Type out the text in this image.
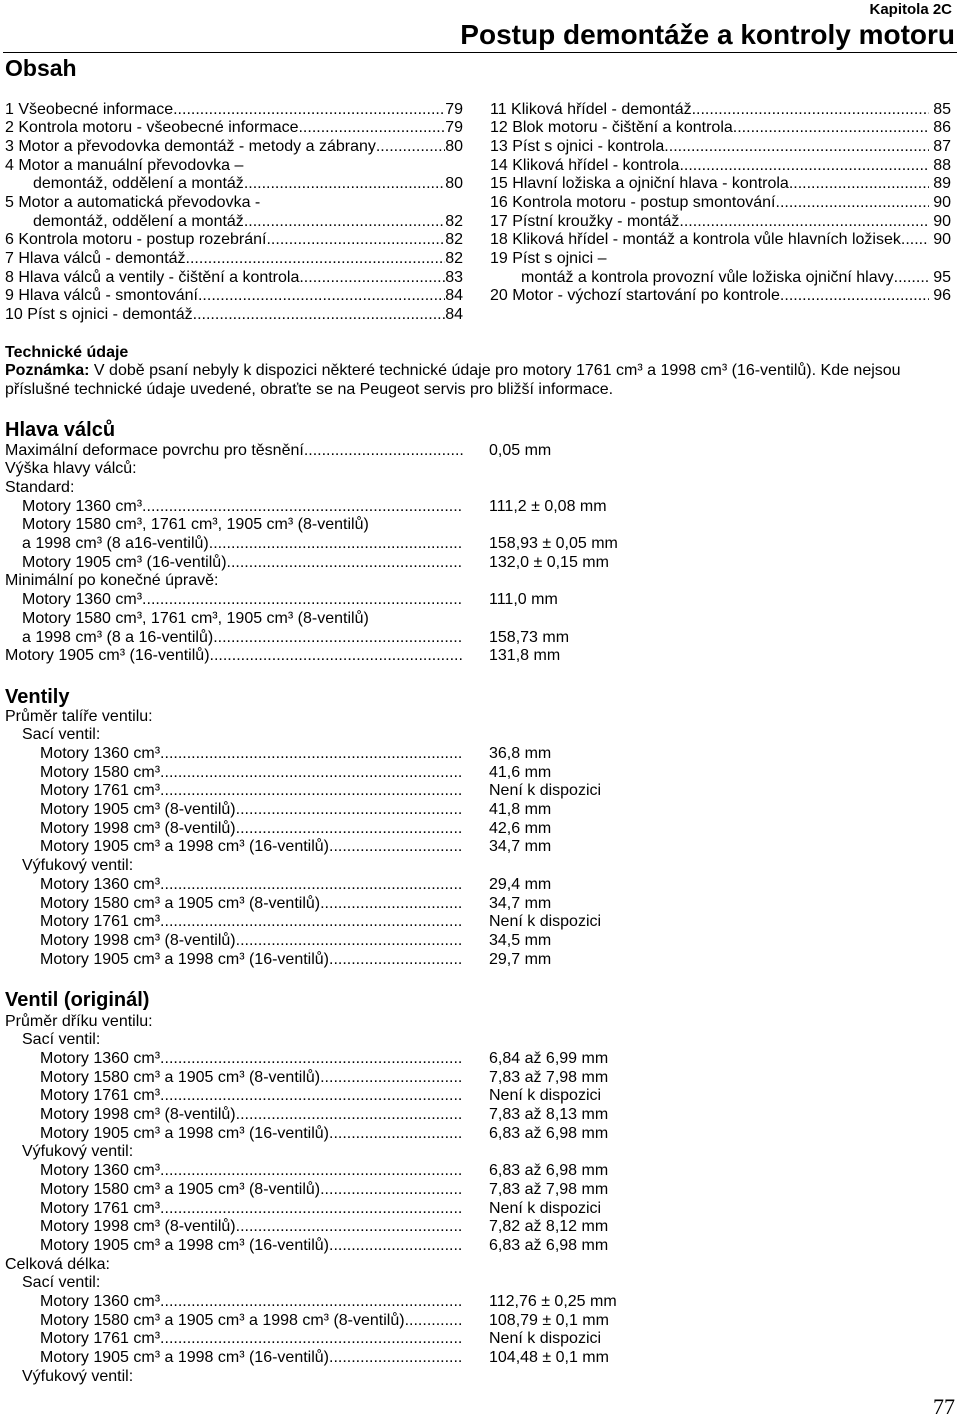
Kapitola 2C
Postup demontáže a kontroly motoru
Obsah
1 Všeobecné informace .....	79
2 Kontrola motoru - všeobecné informace .....	79
3 Motor a převodovka demontáž - metody a zábrany .....	80
4 Motor a manuální převodovka –
demontáž, oddělení a montáž .....	80
5 Motor a automatická převodovka -
demontáž, oddělení a montáž .....	82
6 Kontrola motoru - postup rozebrání .....	82
7 Hlava válců - demontáž .....	82
8 Hlava válců a ventily - čištění a kontrola .....	83
9 Hlava válců - smontování .....	84
10 Píst s ojnici - demontáž .....	84
11 Kliková hřídel - demontáž .....	85
12 Blok motoru - čištění a kontrola .....	86
13 Píst s ojnici - kontrola .....	87
14 Kliková hřídel - kontrola .....	88
15 Hlavní ložiska a ojniční hlava - kontrola .....	89
16 Kontrola motoru - postup smontování .....	90
17 Pístní kroužky - montáž .....	90
18 Kliková hřídel - montáž a kontrola vůle hlavních ložisek ..... 90
19 Píst s ojnici –
montáž a kontrola provozní vůle ložiska ojniční hlavy ..... 95
20 Motor - výchozí startování po kontrole .....	96
Technické údaje
Poznámka: V době psaní nebyly k dispozici některé technické údaje pro motory 1761 cm³ a 1998 cm³ (16-ventilů). Kde nejsou příslušné technické údaje uvedené, obraťte se na Peugeot servis pro bližší informace.
Hlava válců
Maximální deformace povrchu pro těsnění .....	0,05 mm
Výška hlavy válců:
Standard:
Motory 1360 cm³ .....	111,2 ± 0,08 mm
Motory 1580 cm³, 1761 cm³, 1905 cm³ (8-ventilů)
a 1998 cm³ (8 a16-ventilů) .....	158,93 ± 0,05 mm
Motory 1905 cm³ (16-ventilů) .....	132,0 ± 0,15 mm
Minimální po konečné úpravě:
Motory 1360 cm³ .....	111,0 mm
Motory 1580 cm³, 1761 cm³, 1905 cm³ (8-ventilů)
a 1998 cm³ (8 a 16-ventilů) .....	158,73 mm
Motory 1905 cm³ (16-ventilů) .....	131,8 mm
Ventily
Průměr talíře ventilu:
Sací ventil:
Motory 1360 cm³ .....	36,8 mm
Motory 1580 cm³ .....	41,6 mm
Motory 1761 cm³ .....	Není k dispozici
Motory 1905 cm³ (8-ventilů) .....	41,8 mm
Motory 1998 cm³ (8-ventilů) .....	42,6 mm
Motory 1905 cm³ a 1998 cm³ (16-ventilů) .....	34,7 mm
Výfukový ventil:
Motory 1360 cm³ .....	29,4 mm
Motory 1580 cm³ a 1905 cm³ (8-ventilů) .....	34,7 mm
Motory 1761 cm³ .....	Není k dispozici
Motory 1998 cm³ (8-ventilů) .....	34,5 mm
Motory 1905 cm³ a 1998 cm³ (16-ventilů) .....	29,7 mm
Ventil (originál)
Průměr dříku ventilu:
Sací ventil:
Motory 1360 cm³ .....	6,84 až 6,99 mm
Motory 1580 cm³ a 1905 cm³ (8-ventilů) .....	7,83 až 7,98 mm
Motory 1761 cm³ .....	Není k dispozici
Motory 1998 cm³ (8-ventilů) .....	7,83 až 8,13 mm
Motory 1905 cm³ a 1998 cm³ (16-ventilů) .....	6,83 až 6,98 mm
Výfukový ventil:
Motory 1360 cm³ .....	6,83 až 6,98 mm
Motory 1580 cm³ a 1905 cm³ (8-ventilů) .....	7,83 až 7,98 mm
Motory 1761 cm³ .....	Není k dispozici
Motory 1998 cm³ (8-ventilů) .....	7,82 až 8,12 mm
Motory 1905 cm³ a 1998 cm³ (16-ventilů) .....	6,83 až 6,98 mm
Celková délka:
Sací ventil:
Motory 1360 cm³ .....	112,76 ± 0,25 mm
Motory 1580 cm³ a 1905 cm³ a 1998 cm³ (8-ventilů) .....	108,79 ± 0,1 mm
Motory 1761 cm³ .....	Není k dispozici
Motory 1905 cm³ a 1998 cm³ (16-ventilů) .....	104,48 ± 0,1 mm
Výfukový ventil:
77
